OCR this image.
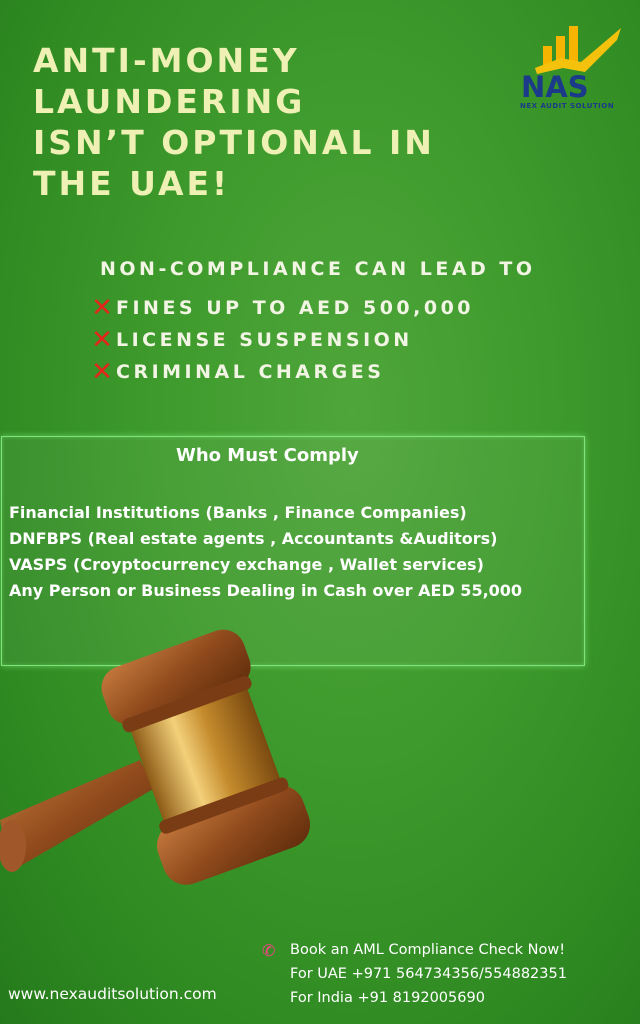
ANTI-MONEY
LAUNDERING
ISN’T OPTIONAL IN
THE UAE!
NAS
NEX AUDIT SOLUTION
NON-COMPLIANCE CAN LEAD TO
✕ FINES UP TO AED 500,000
✕ LICENSE SUSPENSION
✕ CRIMINAL CHARGES
Who Must Comply
Financial Institutions (Banks , Finance Companies)
DNFBPS (Real estate agents , Accountants &Auditors)
VASPS (Croyptocurrency exchange , Wallet services)
Any Person or Business Dealing in Cash over AED 55,000
✆	Book an AML Compliance Check Now!
For UAE +971 564734356/554882351
For India +91 8192005690
www.nexauditsolution.com
